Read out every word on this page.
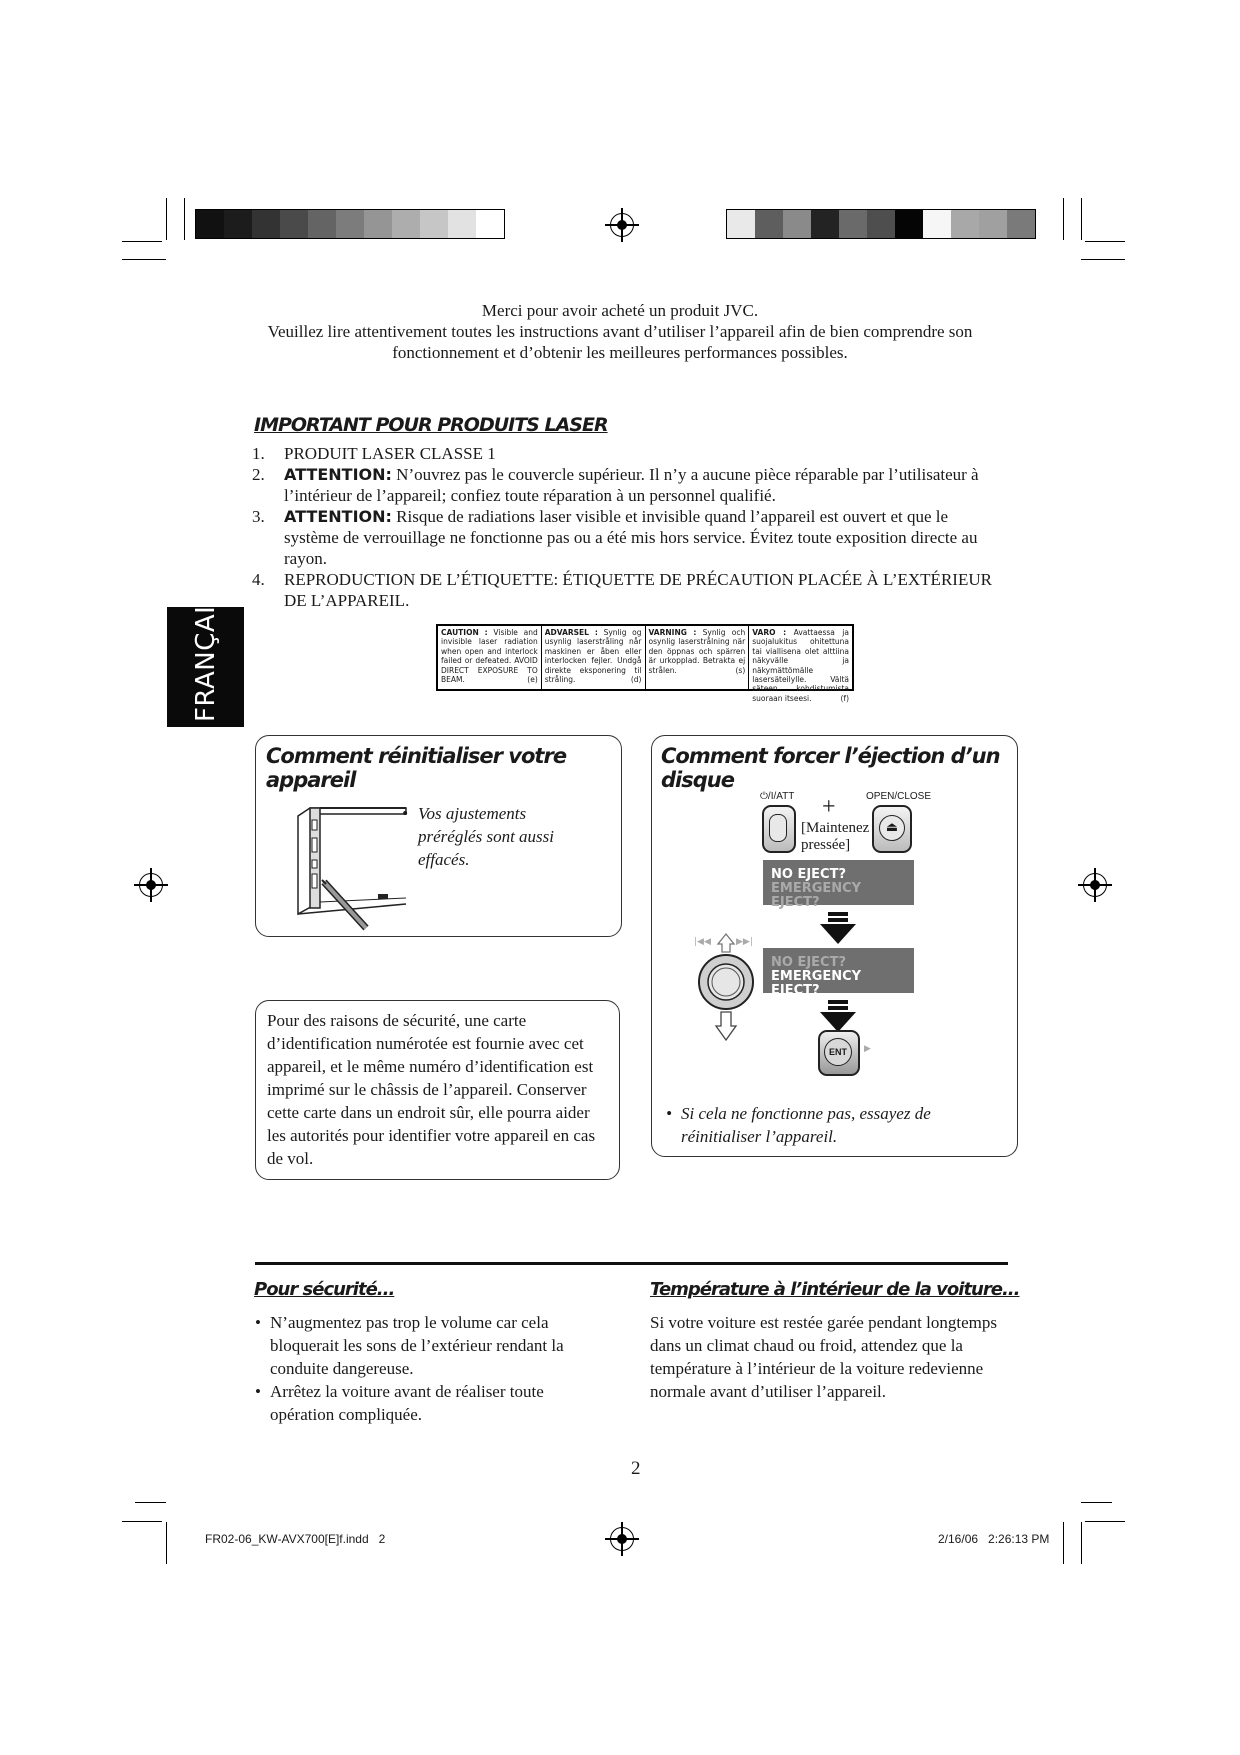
Merci pour avoir acheté un produit JVC.
Veuillez lire attentivement toutes les instructions avant d’utiliser l’appareil afin de bien comprendre son fonctionnement et d’obtenir les meilleures performances possibles.
IMPORTANT POUR PRODUITS LASER
1. PRODUIT LASER CLASSE 1
2. ATTENTION: N’ouvrez pas le couvercle supérieur. Il n’y a aucune pièce réparable par l’utilisateur à l’intérieur de l’appareil; confiez toute réparation à un personnel qualifié.
3. ATTENTION: Risque de radiations laser visible et invisible quand l’appareil est ouvert et que le système de verrouillage ne fonctionne pas ou a été mis hors service. Évitez toute exposition directe au rayon.
4. REPRODUCTION DE L’ÉTIQUETTE: ÉTIQUETTE DE PRÉCAUTION PLACÉE À L’EXTÉRIEUR DE L’APPAREIL.
CAUTION : Visible and invisible laser radiation when open and interlock failed or defeated. AVOID DIRECT EXPOSURE TO BEAM.	(e)
ADVARSEL : Synlig og usynlig laserstråling når maskinen er åben eller interlocken fejler. Undgå direkte eksponering til stråling.	(d)
VARNING : Synlig och osynlig laserstrålning när den öppnas och spärren är urkopplad. Betrakta ej strålen.	(s)
VARO : Avattaessa ja suojalukitus ohitettuna tai viallisena olet alttiina näkyvälle ja näkymättömälle lasersäteilylle. Vältä säteen kohdistumista suoraan itseesi.	(f)
FRANÇAIS
Comment réinitialiser votre appareil
• Vos ajustements préréglés sont aussi effacés.
Pour des raisons de sécurité, une carte d’identification numérotée est fournie avec cet appareil, et le même numéro d’identification est imprimé sur le châssis de l’appareil. Conserver cette carte dans un endroit sûr, elle pourra aider les autorités pour identifier votre appareil en cas de vol.
Comment forcer l’éjection d’un disque
⏻/I/ATT +
[Maintenez pressée]
OPEN/CLOSE
⏏
NO EJECT?
EMERGENCY EJECT?
|◀◀	▶▶|
NO EJECT?
EMERGENCY EJECT?
ENT	▶
• Si cela ne fonctionne pas, essayez de réinitialiser l’appareil.
Pour sécurité...
• N’augmentez pas trop le volume car cela bloquerait les sons de l’extérieur rendant la conduite dangereuse.
• Arrêtez la voiture avant de réaliser toute opération compliquée.
Température à l’intérieur de la voiture...
Si votre voiture est restée garée pendant longtemps dans un climat chaud ou froid, attendez que la température à l’intérieur de la voiture redevienne normale avant d’utiliser l’appareil.
2
FR02-06_KW-AVX700[E]f.indd   2	2/16/06   2:26:13 PM
